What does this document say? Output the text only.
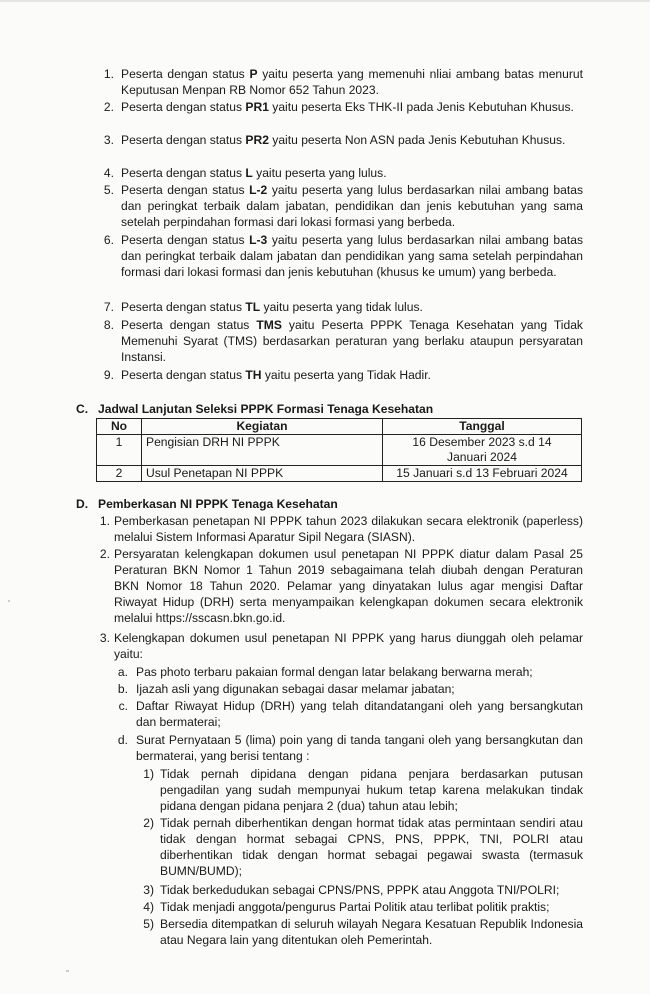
1. Peserta dengan status P yaitu peserta yang memenuhi nliai ambang batas menurut Keputusan Menpan RB Nomor 652 Tahun 2023.
2. Peserta dengan status PR1 yaitu peserta Eks THK-II pada Jenis Kebutuhan Khusus.
3. Peserta dengan status PR2 yaitu peserta Non ASN pada Jenis Kebutuhan Khusus.
4. Peserta dengan status L yaitu peserta yang lulus.
5. Peserta dengan status L-2 yaitu peserta yang lulus berdasarkan nilai ambang batas dan peringkat terbaik dalam jabatan, pendidikan dan jenis kebutuhan yang sama setelah perpindahan formasi dari lokasi formasi yang berbeda.
6. Peserta dengan status L-3 yaitu peserta yang lulus berdasarkan nilai ambang batas dan peringkat terbaik dalam jabatan dan pendidikan yang sama setelah perpindahan formasi dari lokasi formasi dan jenis kebutuhan (khusus ke umum) yang berbeda.
7. Peserta dengan status TL yaitu peserta yang tidak lulus.
8. Peserta dengan status TMS yaitu Peserta PPPK Tenaga Kesehatan yang Tidak Memenuhi Syarat (TMS) berdasarkan peraturan yang berlaku ataupun persyaratan Instansi.
9. Peserta dengan status TH yaitu peserta yang Tidak Hadir.
C. Jadwal Lanjutan Seleksi PPPK Formasi Tenaga Kesehatan
No	Kegiatan	Tanggal
1	Pengisian DRH NI PPPK	16 Desember 2023 s.d 14
Januari 2024

2	Usul Penetapan NI PPPK	15 Januari s.d 13 Februari 2024
D. Pemberkasan NI PPPK Tenaga Kesehatan
1. Pemberkasan penetapan NI PPPK tahun 2023 dilakukan secara elektronik (paperless) melalui Sistem Informasi Aparatur Sipil Negara (SIASN).
2. Persyaratan kelengkapan dokumen usul penetapan NI PPPK diatur dalam Pasal 25 Peraturan BKN Nomor 1 Tahun 2019 sebagaimana telah diubah dengan Peraturan BKN Nomor 18 Tahun 2020. Pelamar yang dinyatakan lulus agar mengisi Daftar Riwayat Hidup (DRH) serta menyampaikan kelengkapan dokumen secara elektronik melalui https://sscasn.bkn.go.id.
3. Kelengkapan dokumen usul penetapan NI PPPK yang harus diunggah oleh pelamar yaitu:
a. Pas photo terbaru pakaian formal dengan latar belakang berwarna merah;
b. Ijazah asli yang digunakan sebagai dasar melamar jabatan;
c. Daftar Riwayat Hidup (DRH) yang telah ditandatangani oleh yang bersangkutan dan bermaterai;
d. Surat Pernyataan 5 (lima) poin yang di tanda tangani oleh yang bersangkutan dan bermaterai, yang berisi tentang :
1) Tidak pernah dipidana dengan pidana penjara berdasarkan putusan pengadilan yang sudah mempunyai hukum tetap karena melakukan tindak pidana dengan pidana penjara 2 (dua) tahun atau lebih;
2) Tidak pernah diberhentikan dengan hormat tidak atas permintaan sendiri atau tidak dengan hormat sebagai CPNS, PNS, PPPK, TNI, POLRI atau diberhentikan tidak dengan hormat sebagai pegawai swasta (termasuk BUMN/BUMD);
3) Tidak berkedudukan sebagai CPNS/PNS, PPPK atau Anggota TNI/POLRI;
4) Tidak menjadi anggota/pengurus Partai Politik atau terlibat politik praktis;
5) Bersedia ditempatkan di seluruh wilayah Negara Kesatuan Republik Indonesia atau Negara lain yang ditentukan oleh Pemerintah.
